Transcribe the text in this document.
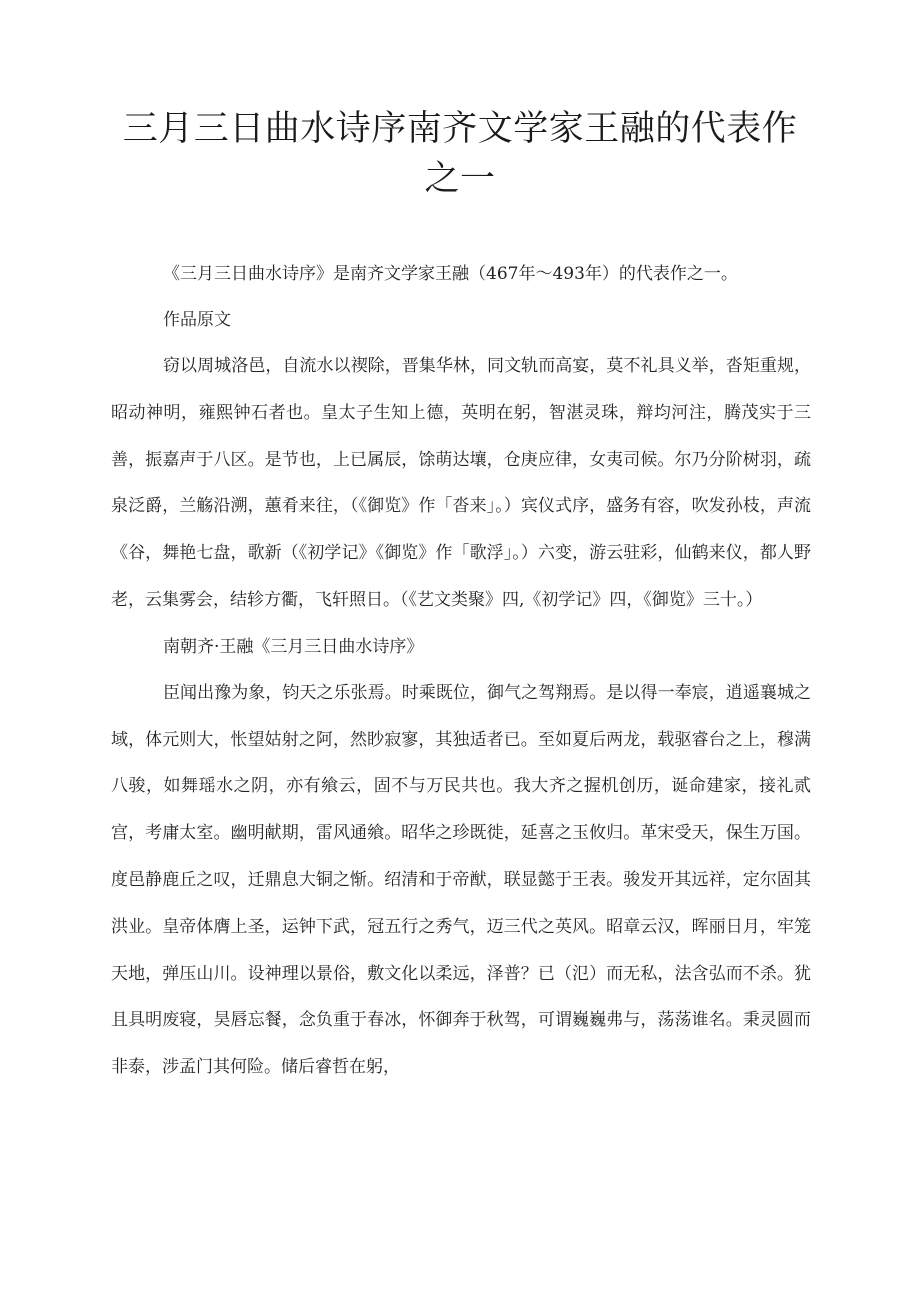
三月三日曲水诗序南齐文学家王融的代表作之一

《三月三日曲水诗序》是南齐文学家王融（467年～493年）的代表作之一。

作品原文

窃以周城洛邑，自流水以禊除，晋集华林，同文轨而高宴，莫不礼具义举，沓矩重规，昭动神明，雍熙钟石者也。皇太子生知上德，英明在躬，智湛灵珠，辩均河注，腾茂实于三善，振嘉声于八区。是节也，上已属辰，馀萌达壤，仓庚应律，女夷司候。尔乃分阶树羽，疏泉泛爵，兰觞沿溯，蕙肴来往，（《御览》作「沓来」。）宾仪式序，盛务有容，吹发孙枝，声流《谷，舞艳七盘，歌新（《初学记》《御览》作「歌浮」。）六变，游云驻彩，仙鹤来仪，都人野老，云集雾会，结轸方衢，飞轩照日。（《艺文类聚》四,《初学记》四，《御览》三十。）

南朝齐·王融《三月三日曲水诗序》

臣闻出豫为象，钧天之乐张焉。时乘既位，御气之驾翔焉。是以得一奉宸，逍遥襄城之域，体元则大，怅望姑射之阿，然眇寂寥，其独适者已。至如夏后两龙，载驱睿台之上，穆满八骏，如舞瑶水之阴，亦有飨云，固不与万民共也。我大齐之握机创历，诞命建家，接礼贰宫，考庸太室。幽明献期，雷风通飨。昭华之珍既徙，延喜之玉攸归。革宋受天，保生万国。度邑静鹿丘之叹，迁鼎息大铜之惭。绍清和于帝猷，联显懿于王表。骏发开其远祥，定尔固其洪业。皇帝体膺上圣，运钟下武，冠五行之秀气，迈三代之英风。昭章云汉，晖丽日月，牢笼天地，弹压山川。设神理以景俗，敷文化以柔远，泽普？已（氾）而无私，法含弘而不杀。犹且具明废寝，昊唇忘餐，念负重于春冰，怀御奔于秋驾，可谓巍巍弗与，荡荡谁名。秉灵圆而非泰，涉孟门其何险。储后睿哲在躬，
